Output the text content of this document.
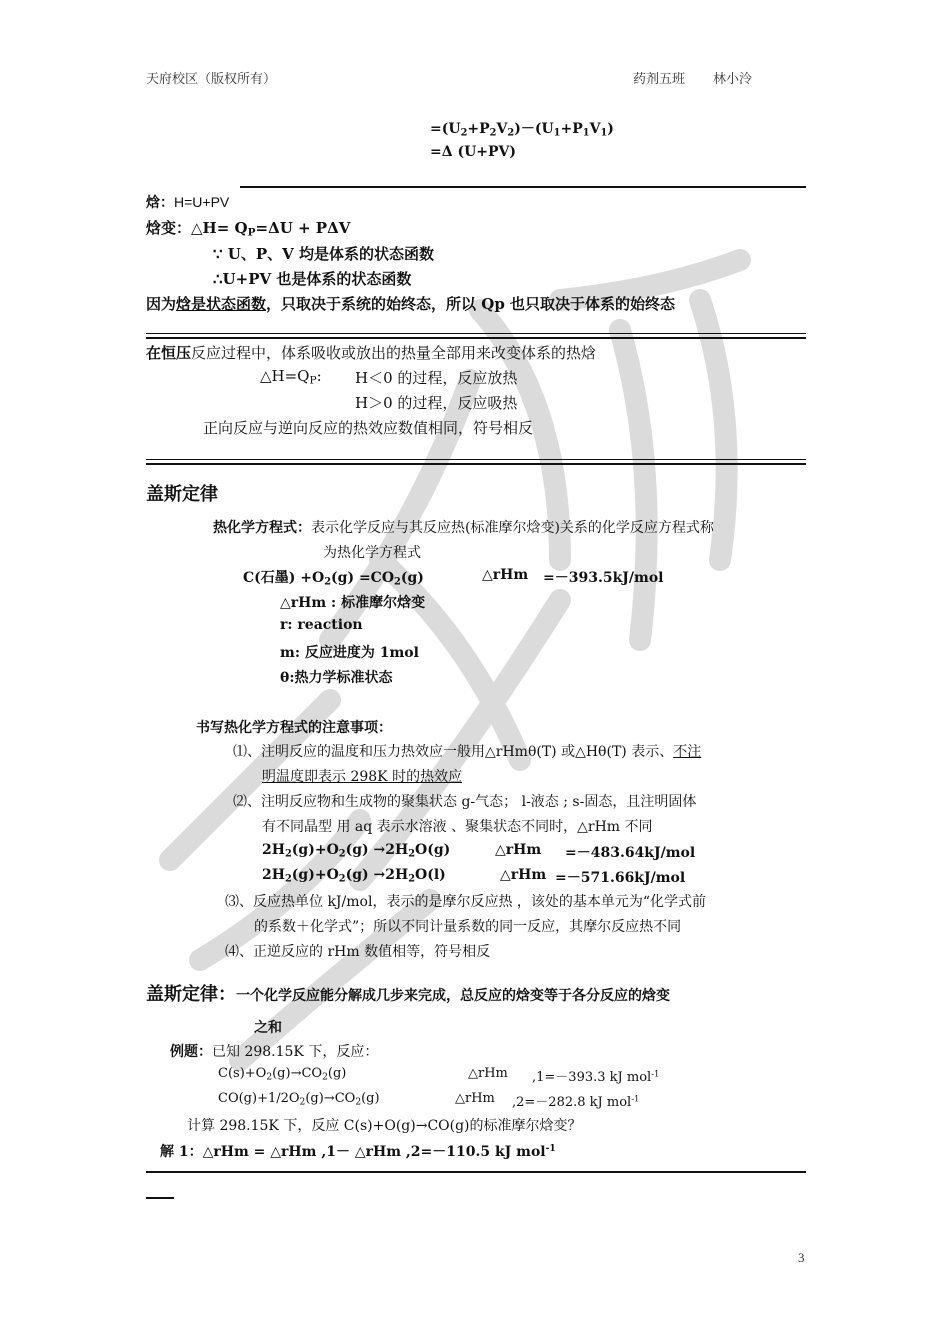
天府校区（版权所有）	药剂五班 林小泠
$=(U_2+P_2V_2)-(U_1+P_1V_1)$
=Δ (U+PV)
焓：H=U+PV
焓变：△H= $Q_P=\Delta U + P\Delta V$
∵ U、P、V 均是体系的状态函数
∴U+PV 也是体系的状态函数
因为焓是状态函数，只取决于系统的始终态，所以 Qp 也只取决于体系的始终态
在恒压反应过程中，体系吸收或放出的热量全部用来改变体系的热焓
$\triangle H=Q_P$: H＜0 的过程，反应放热
H＞0 的过程，反应吸热
正向反应与逆向反应的热效应数值相同，符号相反
盖斯定律
热化学方程式：表示化学反应与其反应热(标准摩尔焓变)关系的化学反应方程式称
为热化学方程式
C(石墨) $+O_2(g) =CO_2(g)$	△rHm =－393.5kJ/mol
△rHm : 标准摩尔焓变
r: reaction
m: 反应进度为 1mol
θ:热力学标准状态
书写热化学方程式的注意事项：
⑴、注明反应的温度和压力热效应一般用△rHmθ(T) 或△Hθ(T) 表示、不注
明温度即表示 298K 时的热效应
⑵、注明反应物和生成物的聚集状态 g-气态； l-液态 ; s-固态，且注明固体
有不同晶型 用 aq 表示水溶液 、聚集状态不同时，△rHm 不同
$2H_2(g)+O_2(g) \to 2H_2O(g)$	△rHm =－483.64kJ/mol
$2H_2(g)+O_2(g) \to 2H_2O(l)$	△rHm =－571.66kJ/mol
⑶、反应热单位 kJ/mol，表示的是摩尔反应热 ，该处的基本单元为“化学式前
的系数＋化学式”；所以不同计量系数的同一反应，其摩尔反应热不同
⑷、正逆反应的 rHm 数值相等，符号相反
盖斯定律：一个化学反应能分解成几步来完成，总反应的焓变等于各分反应的焓变
之和
例题：已知 298.15K 下，反应：
$C(s)+O_2(g)\to CO_2(g)$	△rHm ,1=－393.3 kJ mol$^{-1}$
$CO(g)+1/2O_2(g)\to CO_2(g)$	△rHm ,2=－282.8 kJ mol$^{-1}$
计算 298.15K 下，反应 C(s)+O(g)→CO(g)的标准摩尔焓变？
解 1：△rHm = △rHm ,1－ △rHm ,2=－110.5 kJ mol$^{-1}$
3
